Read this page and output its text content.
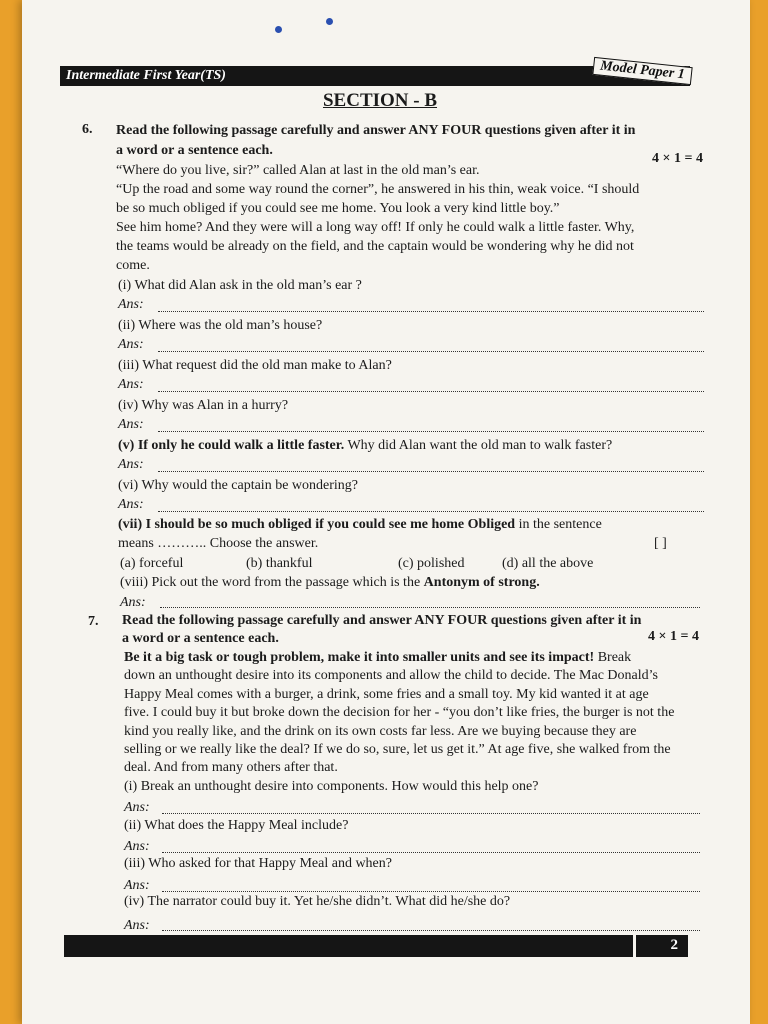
Intermediate First Year(TS)	Model Paper 1
SECTION - B
6. Read the following passage carefully and answer ANY FOUR questions given after it in
a word or a sentence each.
4 × 1 = 4
“Where do you live, sir?” called Alan at last in the old man’s ear.
“Up the road and some way round the corner”, he answered in his thin, weak voice. “I should
be so much obliged if you could see me home. You look a very kind little boy.”
See him home? And they were will a long way off! If only he could walk a little faster. Why,
the teams would be already on the field, and the captain would be wondering why he did not
come.
(i) What did Alan ask in the old man’s ear ?
Ans:
(ii) Where was the old man’s house?
Ans:
(iii) What request did the old man make to Alan?
Ans:
(iv) Why was Alan in a hurry?
Ans:
(v) If only he could walk a little faster. Why did Alan want the old man to walk faster?
Ans:
(vi) Why would the captain be wondering?
Ans:
(vii) I should be so much obliged if you could see me home Obliged in the sentence
means ……….. Choose the answer.	[ ]
(a) forceful	(b) thankful	(c) polished	(d) all the above
(viii) Pick out the word from the passage which is the Antonym of strong.
Ans:
7. Read the following passage carefully and answer ANY FOUR questions given after it in
a word or a sentence each.	4 × 1 = 4
Be it a big task or tough problem, make it into smaller units and see its impact! Break
down an unthought desire into its components and allow the child to decide. The Mac Donald’s
Happy Meal comes with a burger, a drink, some fries and a small toy. My kid wanted it at age
five. I could buy it but broke down the decision for her - “you don’t like fries, the burger is not the
kind you really like, and the drink on its own costs far less. Are we buying because they are
selling or we really like the deal? If we do so, sure, let us get it.” At age five, she walked from the
deal. And from many others after that.
(i) Break an unthought desire into components. How would this help one?
Ans:
(ii) What does the Happy Meal include?
Ans:
(iii) Who asked for that Happy Meal and when?
Ans:
(iv) The narrator could buy it. Yet he/she didn’t. What did he/she do?
Ans:
2
